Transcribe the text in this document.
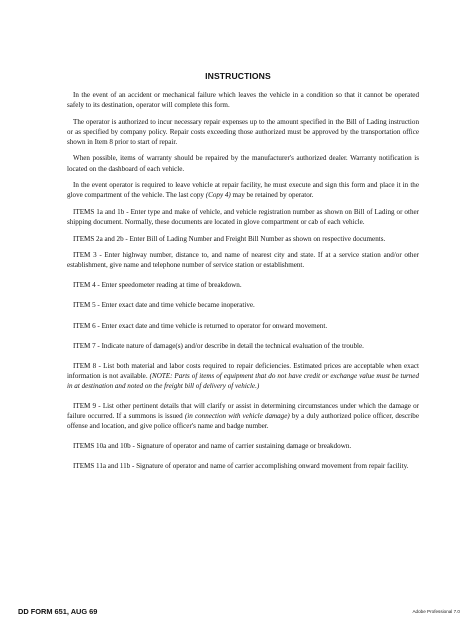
INSTRUCTIONS

In the event of an accident or mechanical failure which leaves the vehicle in a condition so that it cannot be operated safely to its destination, operator will complete this form.

The operator is authorized to incur necessary repair expenses up to the amount specified in the Bill of Lading instruction or as specified by company policy. Repair costs exceeding those authorized must be approved by the transportation office shown in Item 8 prior to start of repair.

When possible, items of warranty should be repaired by the manufacturer's authorized dealer. Warranty notification is located on the dashboard of each vehicle.

In the event operator is required to leave vehicle at repair facility, he must execute and sign this form and place it in the glove compartment of the vehicle. The last copy (Copy 4) may be retained by operator.

ITEMS 1a and 1b - Enter type and make of vehicle, and vehicle registration number as shown on Bill of Lading or other shipping document. Normally, these documents are located in glove compartment or cab of each vehicle.

ITEMS 2a and 2b - Enter Bill of Lading Number and Freight Bill Number as shown on respective documents.

ITEM 3 - Enter highway number, distance to, and name of nearest city and state. If at a service station and/or other establishment, give name and telephone number of service station or establishment.

ITEM 4 - Enter speedometer reading at time of breakdown.

ITEM 5 - Enter exact date and time vehicle became inoperative.

ITEM 6 - Enter exact date and time vehicle is returned to operator for onward movement.

ITEM 7 - Indicate nature of damage(s) and/or describe in detail the technical evaluation of the trouble.

ITEM 8 - List both material and labor costs required to repair deficiencies. Estimated prices are acceptable when exact information is not available. (NOTE: Parts of items of equipment that do not have credit or exchange value must be turned in at destination and noted on the freight bill of delivery of vehicle.)

ITEM 9 - List other pertinent details that will clarify or assist in determining circumstances under which the damage or failure occurred. If a summons is issued (in connection with vehicle damage) by a duly authorized police officer, describe offense and location, and give police officer's name and badge number.

ITEMS 10a and 10b - Signature of operator and name of carrier sustaining damage or breakdown.

ITEMS 11a and 11b - Signature of operator and name of carrier accomplishing onward movement from repair facility.

DD FORM 651, AUG 69	Adobe Professional 7.0
